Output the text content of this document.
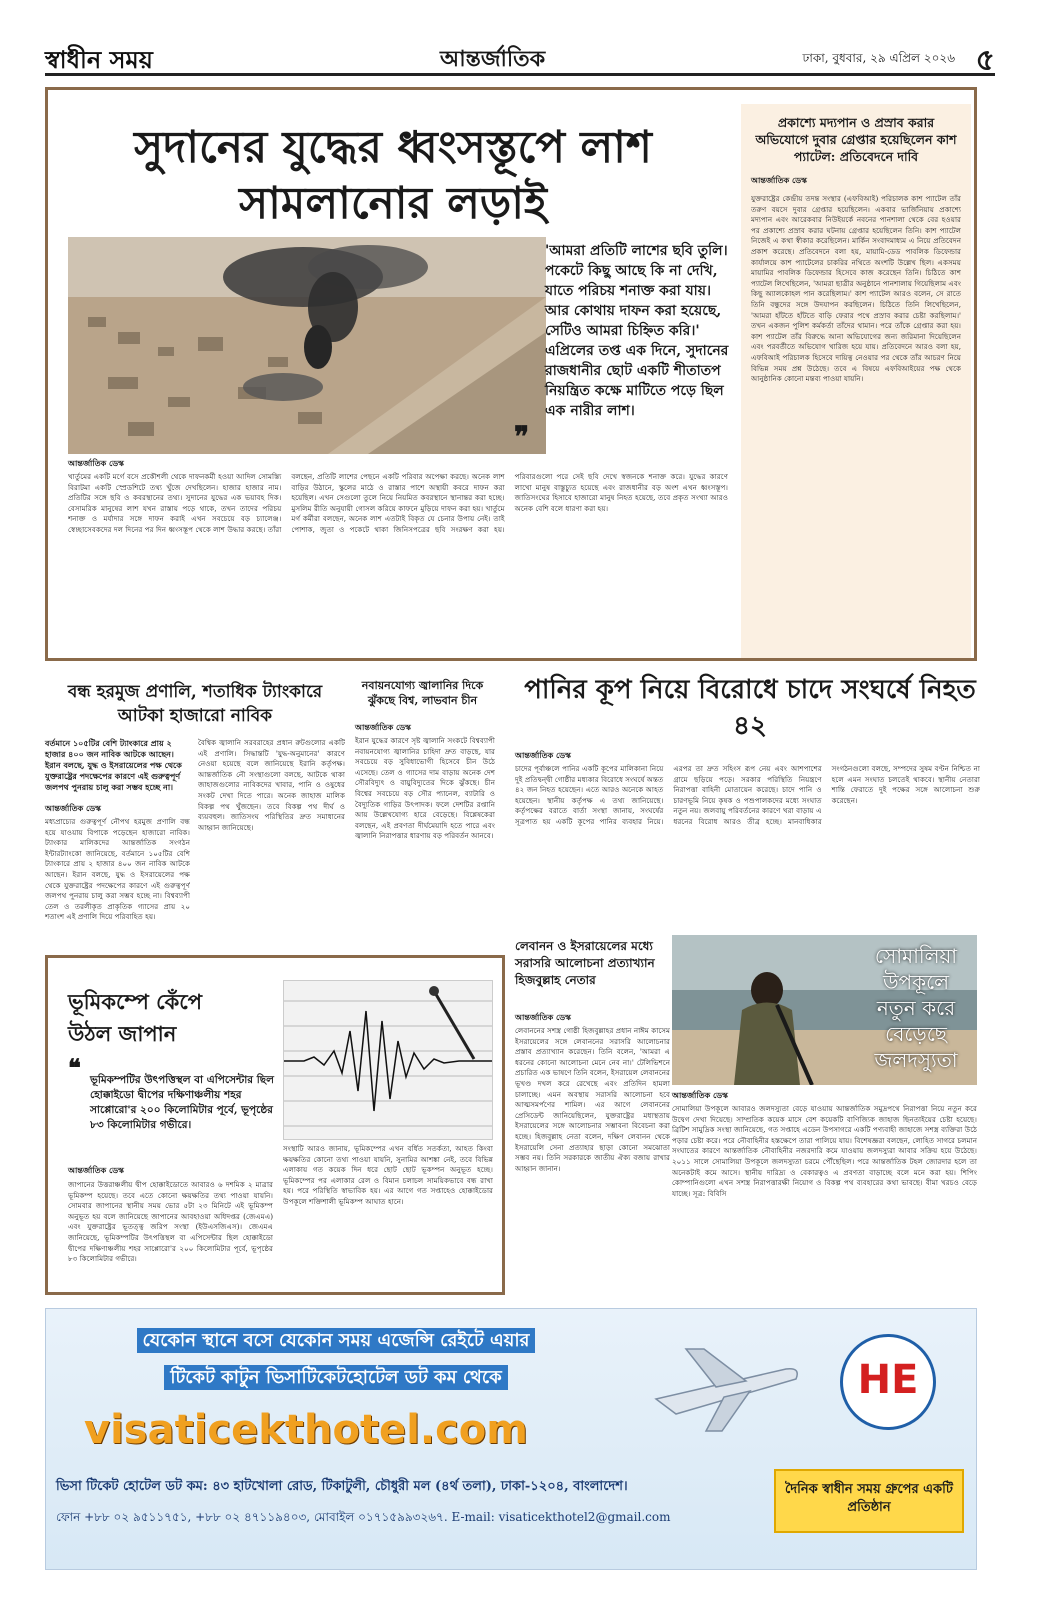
স্বাধীন সময়	আন্তর্জাতিক	ঢাকা, বুধবার, ২৯ এপ্রিল ২০২৬ ৫
সুদানের যুদ্ধের ধ্বংসস্তূপে লাশ সামলানোর লড়াই
'আমরা প্রতিটি লাশের ছবি তুলি। পকেটে কিছু আছে কি না দেখি, যাতে পরিচয় শনাক্ত করা যায়। আর কোথায় দাফন করা হয়েছে, সেটিও আমরা চিহ্নিত করি।' এপ্রিলের তপ্ত এক দিনে, সুদানের রাজধানীর ছোট একটি শীতাতপ নিয়ন্ত্রিত কক্ষে মাটিতে পড়ে ছিল এক নারীর লাশ।
❞
আন্তর্জাতিক ডেস্ক
খার্তুমের একটি মর্গে বসে প্রকৌশলী থেকে দাফনকর্মী হওয়া আদিল সোমস্ত্যি বিরাটমা একটি স্প্রেডশিটে তথ্য খুঁজে দেখছিলেন। হাজার হাজার নাম। প্রতিটির সঙ্গে ছবি ও কবরস্থানের তথ্য। সুদানের যুদ্ধের এক ভয়াবহ দিক। বেসামরিক মানুষের লাশ যখন রাস্তায় পড়ে থাকে, তখন তাদের পরিচয় শনাক্ত ও মর্যাদার সঙ্গে দাফন করাই এখন সবচেয়ে বড় চ্যালেঞ্জ। স্বেচ্ছাসেবকদের দল দিনের পর দিন ধ্বংসস্তূপ থেকে লাশ উদ্ধার করছে। তাঁরা বলছেন, প্রতিটি লাশের পেছনে একটি পরিবার অপেক্ষা করছে। অনেক লাশ বাড়ির উঠানে, স্কুলের মাঠে ও রাস্তার পাশে অস্থায়ী কবরে দাফন করা হয়েছিল। এখন সেগুলো তুলে নিয়ে নিয়মিত কবরস্থানে স্থানান্তর করা হচ্ছে। মুসলিম রীতি অনুযায়ী গোসল করিয়ে কাফনে মুড়িয়ে দাফন করা হয়। খার্তুমে মর্গ কর্মীরা বলছেন, অনেক লাশ এতটাই বিকৃত যে চেনার উপায় নেই। তাই পোশাক, জুতা ও পকেটে থাকা জিনিসপত্রের ছবি সংরক্ষণ করা হয়। পরিবারগুলো পরে সেই ছবি দেখে স্বজনকে শনাক্ত করে। যুদ্ধের কারণে লাখো মানুষ বাস্তুচ্যুত হয়েছে এবং রাজধানীর বড় অংশ এখন ধ্বংসস্তূপ। জাতিসংঘের হিসাবে হাজারো মানুষ নিহত হয়েছে, তবে প্রকৃত সংখ্যা আরও অনেক বেশি বলে ধারণা করা হয়।
প্রকাশ্যে মদ্যপান ও প্রস্রাব করার অভিযোগে দুবার গ্রেপ্তার হয়েছিলেন কাশ প্যাটেল: প্রতিবেদনে দাবি
আন্তর্জাতিক ডেস্ক
যুক্তরাষ্ট্রের কেন্দ্রীয় তদন্ত সংস্থার (এফবিআই) পরিচালক কাশ প্যাটেল তাঁর তরুণ বয়সে দুবার গ্রেপ্তার হয়েছিলেন। একবার ভার্জিনিয়ায় প্রকাশ্যে মদ্যপান এবং আরেকবার নিউইয়র্কে নবনের পানশালা থেকে বের হওয়ার পর প্রকাশ্যে প্রস্রাব করার ঘটনায় গ্রেপ্তার হয়েছিলেন তিনি। কাশ প্যাটেল নিজেই এ কথা স্বীকার করেছিলেন। মার্কিন সংবাদমাধ্যম এ নিয়ে প্রতিবেদন প্রকাশ করেছে। প্রতিবেদনে বলা হয়, মায়ামি-ডেড পাবলিক ডিফেন্ডার কার্যালয়ে কাশ প্যাটেলের চাকরির নথিতে অংশটি উল্লেখ ছিল। একসময় মায়ামির পাবলিক ডিফেন্ডার হিসেবে কাজ করেছেন তিনি। চিঠিতে কাশ প্যাটেল লিখেছিলেন, 'আমরা ছাত্রীর অনুষ্ঠানে পানশালায় গিয়েছিলাম এবং কিছু অ্যালকোহল পান করেছিলাম।' কাশ প্যাটেল আরও বলেন, সে রাতে তিনি বন্ধুদের সঙ্গে উদযাপন করছিলেন। চিঠিতে তিনি লিখেছিলেন, 'আমরা হাঁটতে হাঁটতে বাড়ি ফেরার পথে প্রস্রাব করার চেষ্টা করছিলাম।' তখন একজন পুলিশ কর্মকর্তা তাঁদের থামান। পরে তাঁকে গ্রেপ্তার করা হয়। কাশ প্যাটেল তাঁর বিরুদ্ধে আনা অভিযোগের জন্য জরিমানা দিয়েছিলেন এবং পরবর্তীতে অভিযোগ খারিজ হয়ে যায়। প্রতিবেদনে আরও বলা হয়, এফবিআই পরিচালক হিসেবে দায়িত্ব নেওয়ার পর থেকে তাঁর আচরণ নিয়ে বিভিন্ন সময় প্রশ্ন উঠেছে। তবে এ বিষয়ে এফবিআইয়ের পক্ষ থেকে আনুষ্ঠানিক কোনো মন্তব্য পাওয়া যায়নি।
বন্ধ হরমুজ প্রণালি, শতাধিক ট্যাংকারে আটকা হাজারো নাবিক
বর্তমানে ১০৫টির বেশি ট্যাংকারে প্রায় ২ হাজার ৪০০ জন নাবিক আটকে আছেন। ইরান বলছে, যুদ্ধ ও ইসরায়েলের পক্ষ থেকে যুক্তরাষ্ট্রের পদক্ষেপের কারণে এই গুরুত্বপূর্ণ জলপথ পুনরায় চালু করা সম্ভব হচ্ছে না।
আন্তর্জাতিক ডেস্ক
মধ্যপ্রাচ্যের গুরুত্বপূর্ণ নৌপথ হরমুজ প্রণালি বন্ধ হয়ে যাওয়ায় বিপাকে পড়েছেন হাজারো নাবিক। ট্যাংকার মালিকদের আন্তর্জাতিক সংগঠন ইন্টারট্যাংকো জানিয়েছে, বর্তমানে ১০৫টির বেশি ট্যাংকারে প্রায় ২ হাজার ৪০০ জন নাবিক আটকে আছেন। ইরান বলছে, যুদ্ধ ও ইসরায়েলের পক্ষ থেকে যুক্তরাষ্ট্রের পদক্ষেপের কারণে এই গুরুত্বপূর্ণ জলপথ পুনরায় চালু করা সম্ভব হচ্ছে না। বিশ্বব্যাপী তেল ও তরলীকৃত প্রাকৃতিক গ্যাসের প্রায় ২০ শতাংশ এই প্রণালি দিয়ে পরিবাহিত হয়।
বৈশ্বিক জ্বালানি সরবরাহের প্রধান রুটগুলোর একটি এই প্রণালি। সিদ্ধান্তটি 'যুদ্ধ-অনুমানের' কারণে নেওয়া হয়েছে বলে জানিয়েছে ইরানি কর্তৃপক্ষ। আন্তর্জাতিক নৌ সংস্থাগুলো বলছে, আটকে থাকা জাহাজগুলোর নাবিকদের খাবার, পানি ও ওষুধের সংকট দেখা দিতে পারে। অনেক জাহাজ মালিক বিকল্প পথ খুঁজছেন। তবে বিকল্প পথ দীর্ঘ ও ব্যয়বহুল। জাতিসংঘ পরিস্থিতির দ্রুত সমাধানের আহ্বান জানিয়েছে।
নবায়নযোগ্য জ্বালানির দিকে ঝুঁকছে বিশ্ব, লাভবান চীন
আন্তর্জাতিক ডেস্ক
ইরান যুদ্ধের কারণে সৃষ্ট জ্বালানি সংকটে বিশ্বব্যাপী নবায়নযোগ্য জ্বালানির চাহিদা দ্রুত বাড়ছে, যার সবচেয়ে বড় সুবিধাভোগী হিসেবে চীন উঠে এসেছে। তেল ও গ্যাসের দাম বাড়ায় অনেক দেশ সৌরবিদ্যুৎ ও বায়ুবিদ্যুতের দিকে ঝুঁকছে। চীন বিশ্বের সবচেয়ে বড় সৌর প্যানেল, ব্যাটারি ও বৈদ্যুতিক গাড়ির উৎপাদক। ফলে দেশটির রপ্তানি আয় উল্লেখযোগ্য হারে বেড়েছে। বিশ্লেষকেরা বলছেন, এই প্রবণতা দীর্ঘমেয়াদি হতে পারে এবং জ্বালানি নিরাপত্তার ধারণায় বড় পরিবর্তন আনবে।
পানির কূপ নিয়ে বিরোধে চাদে সংঘর্ষে নিহত ৪২
আন্তর্জাতিক ডেস্ক
চাদের পূর্বাঞ্চলে পানির একটি কূপের মালিকানা নিয়ে দুই প্রতিদ্বন্দ্বী গোষ্ঠীর মধ্যকার বিরোধে সংঘর্ষে অন্তত ৪২ জন নিহত হয়েছেন। এতে আরও অনেকে আহত হয়েছেন। স্থানীয় কর্তৃপক্ষ এ তথ্য জানিয়েছে। কর্তৃপক্ষের বরাতে বার্তা সংস্থা জানায়, সংঘর্ষের সূত্রপাত হয় একটি কূপের পানির ব্যবহার নিয়ে। এরপর তা দ্রুত সহিংস রূপ নেয় এবং আশপাশের গ্রামে ছড়িয়ে পড়ে। সরকার পরিস্থিতি নিয়ন্ত্রণে নিরাপত্তা বাহিনী মোতায়েন করেছে। চাদে পানি ও চারণভূমি নিয়ে কৃষক ও পশুপালকদের মধ্যে সংঘাত নতুন নয়। জলবায়ু পরিবর্তনের কারণে খরা বাড়ায় এ ধরনের বিরোধ আরও তীব্র হচ্ছে। মানবাধিকার সংগঠনগুলো বলছে, সম্পদের সুষম বণ্টন নিশ্চিত না হলে এমন সংঘাত চলতেই থাকবে। স্থানীয় নেতারা শান্তি ফেরাতে দুই পক্ষের সঙ্গে আলোচনা শুরু করেছেন।
ভূমিকম্পে কেঁপে উঠল জাপান
❝ ভূমিকম্পটির উৎপত্তিস্থল বা এপিসেন্টার ছিল হোক্কাইডো দ্বীপের দক্ষিণাঞ্চলীয় শহর সাপ্পোরো'র ২০০ কিলোমিটার পূর্বে, ভূপৃষ্ঠের ৮৩ কিলোমিটার গভীরে।
আন্তর্জাতিক ডেস্ক
জাপানের উত্তরাঞ্চলীয় দ্বীপ হোক্কাইডোতে আবারও ৬ দশমিক ২ মাত্রার ভূমিকম্প হয়েছে। তবে এতে কোনো ক্ষয়ক্ষতির তথ্য পাওয়া যায়নি। সোমবার জাপানের স্থানীয় সময় ভোর ৫টা ২৩ মিনিটে এই ভূমিকম্প অনুভূত হয় বলে জানিয়েছে জাপানের আবহাওয়া অধিদপ্তর (জেএমএ) এবং যুক্তরাষ্ট্রের ভূতত্ত্ব জরিপ সংস্থা (ইউএসজিএস)। জেএমএ জানিয়েছে, ভূমিকম্পটির উৎপত্তিস্থল বা এপিসেন্টার ছিল হোক্কাইডো দ্বীপের দক্ষিণাঞ্চলীয় শহর সাপ্পোরো'র ২০০ কিলোমিটার পূর্বে, ভূপৃষ্ঠের ৮৩ কিলোমিটার গভীরে।
সংস্থাটি আরও জানায়, ভূমিকম্পের এখন বর্ধিত সতর্কতা, আহত কিংবা ক্ষয়ক্ষতির কোনো তথ্য পাওয়া যায়নি, সুনামির আশঙ্কা নেই, তবে বিভিন্ন এলাকায় গত কয়েক দিন ধরে ছোট ছোট ভূকম্পন অনুভূত হচ্ছে। ভূমিকম্পের পর এলাকার রেল ও বিমান চলাচল সাময়িকভাবে বন্ধ রাখা হয়। পরে পরিস্থিতি স্বাভাবিক হয়। এর আগে গত সপ্তাহেও হোক্কাইডোর উপকূলে শক্তিশালী ভূমিকম্প আঘাত হানে।
লেবানন ও ইসরায়েলের মধ্যে সরাসরি আলোচনা প্রত্যাখ্যান হিজবুল্লাহ নেতার
আন্তর্জাতিক ডেস্ক
লেবাননের সশস্ত্র গোষ্ঠী হিজবুল্লাহর প্রধান নাঈম কাসেম ইসরায়েলের সঙ্গে লেবাননের সরাসরি আলোচনার প্রস্তাব প্রত্যাখ্যান করেছেন। তিনি বলেন, 'আমরা এ ধরনের কোনো আলোচনা মেনে নেব না।' টেলিভিশনে প্রচারিত এক ভাষণে তিনি বলেন, ইসরায়েল লেবাননের ভূখণ্ড দখল করে রেখেছে এবং প্রতিদিন হামলা চালাচ্ছে। এমন অবস্থায় সরাসরি আলোচনা হবে আত্মসমর্পণের শামিল। এর আগে লেবাননের প্রেসিডেন্ট জানিয়েছিলেন, যুক্তরাষ্ট্রের মধ্যস্থতায় ইসরায়েলের সঙ্গে আলোচনার সম্ভাবনা বিবেচনা করা হচ্ছে। হিজবুল্লাহ নেতা বলেন, দক্ষিণ লেবানন থেকে ইসরায়েলি সেনা প্রত্যাহার ছাড়া কোনো সমঝোতা সম্ভব নয়। তিনি সরকারকে জাতীয় ঐক্য বজায় রাখার আহ্বান জানান।
সোমালিয়া উপকূলে নতুন করে বেড়েছে জলদস্যুতা
আন্তর্জাতিক ডেস্ক
সোমালিয়া উপকূলে আবারও জলদস্যুতা বেড়ে যাওয়ায় আন্তর্জাতিক সমুদ্রপথে নিরাপত্তা নিয়ে নতুন করে উদ্বেগ দেখা দিয়েছে। সাম্প্রতিক কয়েক মাসে বেশ কয়েকটি বাণিজ্যিক জাহাজ ছিনতাইয়ের চেষ্টা হয়েছে। ব্রিটিশ সামুদ্রিক সংস্থা জানিয়েছে, গত সপ্তাহে এডেন উপসাগরে একটি পণ্যবাহী জাহাজে সশস্ত্র ব্যক্তিরা উঠে পড়ার চেষ্টা করে। পরে নৌবাহিনীর হস্তক্ষেপে তারা পালিয়ে যায়। বিশেষজ্ঞরা বলছেন, লোহিত সাগরে চলমান সংঘাতের কারণে আন্তর্জাতিক নৌবাহিনীর নজরদারি কমে যাওয়ায় জলদস্যুরা আবার সক্রিয় হয়ে উঠেছে। ২০১১ সালে সোমালিয়া উপকূলে জলদস্যুতা চরমে পৌঁছেছিল। পরে আন্তর্জাতিক টহল জোরদার হলে তা অনেকটাই কমে আসে। স্থানীয় দারিদ্র্য ও বেকারত্বও এ প্রবণতা বাড়াচ্ছে বলে মনে করা হয়। শিপিং কোম্পানিগুলো এখন সশস্ত্র নিরাপত্তারক্ষী নিয়োগ ও বিকল্প পথ ব্যবহারের কথা ভাবছে। বীমা খরচও বেড়ে যাচ্ছে। সূত্র: বিবিসি
যেকোন স্থানে বসে যেকোন সময় এজেন্সি রেইটে এয়ার
টিকেট কাটুন ভিসাটিকেটহোটেল ডট কম থেকে
visaticekthotel.com
HE
ভিসা টিকেট হোটেল ডট কম: ৪৩ হাটখোলা রোড, টিকাটুলী, চৌধুরী মল (৪র্থ তলা), ঢাকা-১২০৪, বাংলাদেশ।
ফোন +৮৮ ০২ ৯৫১১৭৫১, +৮৮ ০২ ৪৭১১৯৪০৩, মোবাইল ০১৭১৫৯৯৩২৬৭. E-mail: visaticekthotel2@gmail.com
দৈনিক স্বাধীন সময় গ্রুপের একটি প্রতিষ্ঠান
